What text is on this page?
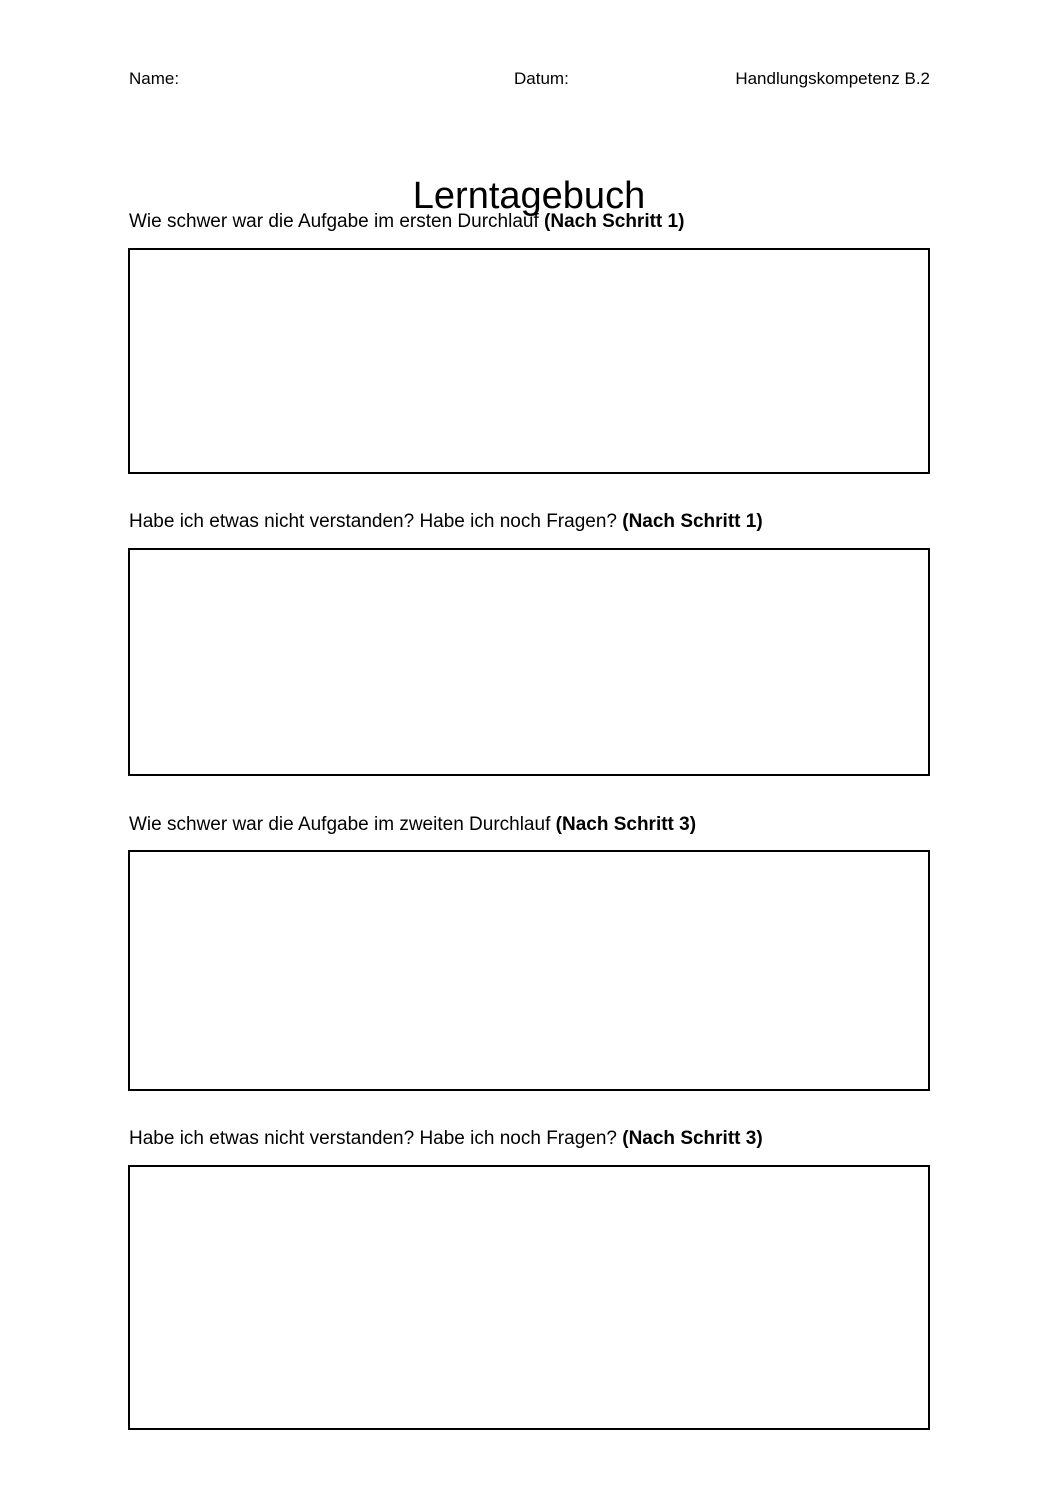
Name:	Datum:	Handlungskompetenz B.2
Lerntagebuch
Wie schwer war die Aufgabe im ersten Durchlauf (Nach Schritt 1)
Habe ich etwas nicht verstanden? Habe ich noch Fragen? (Nach Schritt 1)
Wie schwer war die Aufgabe im zweiten Durchlauf (Nach Schritt 3)
Habe ich etwas nicht verstanden? Habe ich noch Fragen? (Nach Schritt 3)
